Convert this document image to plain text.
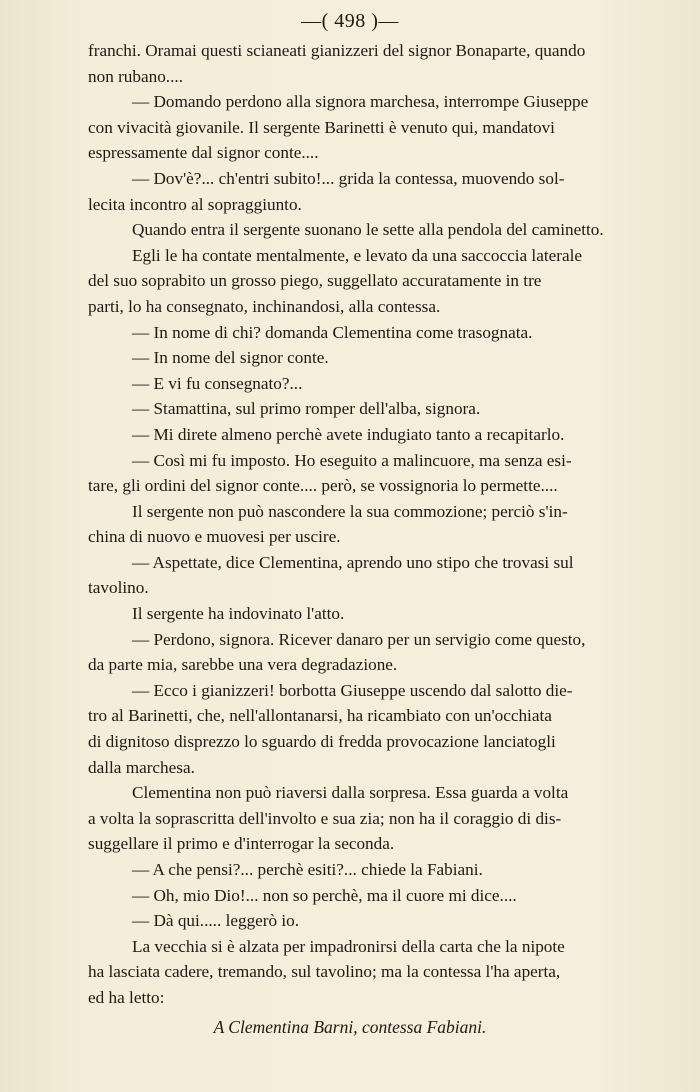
—( 498 )—
franchi. Oramai questi scianeati gianizzeri del signor Bonaparte, quando
non rubano....
— Domando perdono alla signora marchesa, interrompe Giuseppe
con vivacità giovanile. Il sergente Barinetti è venuto qui, mandatovi
espressamente dal signor conte....
— Dov'è?... ch'entri subito!... grida la contessa, muovendo sol-
lecita incontro al sopraggiunto.
Quando entra il sergente suonano le sette alla pendola del caminetto.
Egli le ha contate mentalmente, e levato da una saccoccia laterale
del suo soprabito un grosso piego, suggellato accuratamente in tre
parti, lo ha consegnato, inchinandosi, alla contessa.
— In nome di chi? domanda Clementina come trasognata.
— In nome del signor conte.
— E vi fu consegnato?...
— Stamattina, sul primo romper dell'alba, signora.
— Mi direte almeno perchè avete indugiato tanto a recapitarlo.
— Così mi fu imposto. Ho eseguito a malincuore, ma senza esi-
tare, gli ordini del signor conte.... però, se vossignoria lo permette....
Il sergente non può nascondere la sua commozione; perciò s'in-
china di nuovo e muovesi per uscire.
— Aspettate, dice Clementina, aprendo uno stipo che trovasi sul
tavolino.
Il sergente ha indovinato l'atto.
— Perdono, signora. Ricever danaro per un servigio come questo,
da parte mia, sarebbe una vera degradazione.
— Ecco i gianizzeri! borbotta Giuseppe uscendo dal salotto die-
tro al Barinetti, che, nell'allontanarsi, ha ricambiato con un'occhiata
di dignitoso disprezzo lo sguardo di fredda provocazione lanciatogli
dalla marchesa.
Clementina non può riaversi dalla sorpresa. Essa guarda a volta
a volta la soprascritta dell'involto e sua zia; non ha il coraggio di dis-
suggellare il primo e d'interrogar la seconda.
— A che pensi?... perchè esiti?... chiede la Fabiani.
— Oh, mio Dio!... non so perchè, ma il cuore mi dice....
— Dà qui..... leggerò io.
La vecchia si è alzata per impadronirsi della carta che la nipote
ha lasciata cadere, tremando, sul tavolino; ma la contessa l'ha aperta,
ed ha letto:
A Clementina Barni, contessa Fabiani.
